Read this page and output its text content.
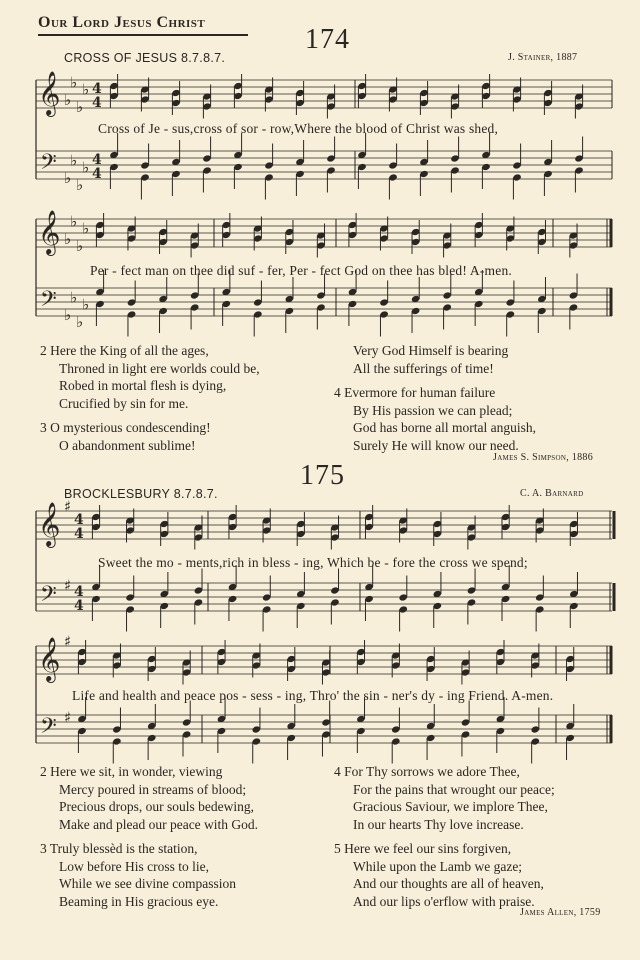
Our Lord Jesus Christ
174
CROSS OF JESUS 8.7.8.7.	J. Stainer, 1887
𝄞
𝄢
♭
♭
♭
♭
♭
♭
♭
♭
4
4
4
4
𝄞
𝄢
♭
♭
♭
♭
♭
♭
♭
♭
𝄞
𝄢
♯
♯
4
4
4
4
𝄞
𝄢
♯
♯
Cross of Je - sus,cross of sor - row,Where the blood of Christ was shed,
Per - fect man on thee did suf - fer, Per - fect God on thee has bled! A-men.
2 Here the King of all the ages,
Throned in light ere worlds could be,
Robed in mortal flesh is dying,
Crucified by sin for me.
3 O mysterious condescending!
O abandonment sublime!
Very God Himself is bearing
All the sufferings of time!
4 Evermore for human failure
By His passion we can plead;
God has borne all mortal anguish,
Surely He will know our need.
James S. Simpson, 1886
175
BROCKLESBURY 8.7.8.7.	C. A. Barnard
Sweet the mo - ments,rich in bless - ing, Which be - fore the cross we spend;
Life and health and peace pos - sess - ing, Thro' the sin - ner's dy - ing Friend. A-men.
2 Here we sit, in wonder, viewing
Mercy poured in streams of blood;
Precious drops, our souls bedewing,
Make and plead our peace with God.
3 Truly blessèd is the station,
Low before His cross to lie,
While we see divine compassion
Beaming in His gracious eye.
4 For Thy sorrows we adore Thee,
For the pains that wrought our peace;
Gracious Saviour, we implore Thee,
In our hearts Thy love increase.
5 Here we feel our sins forgiven,
While upon the Lamb we gaze;
And our thoughts are all of heaven,
And our lips o'erflow with praise.
James Allen, 1759
